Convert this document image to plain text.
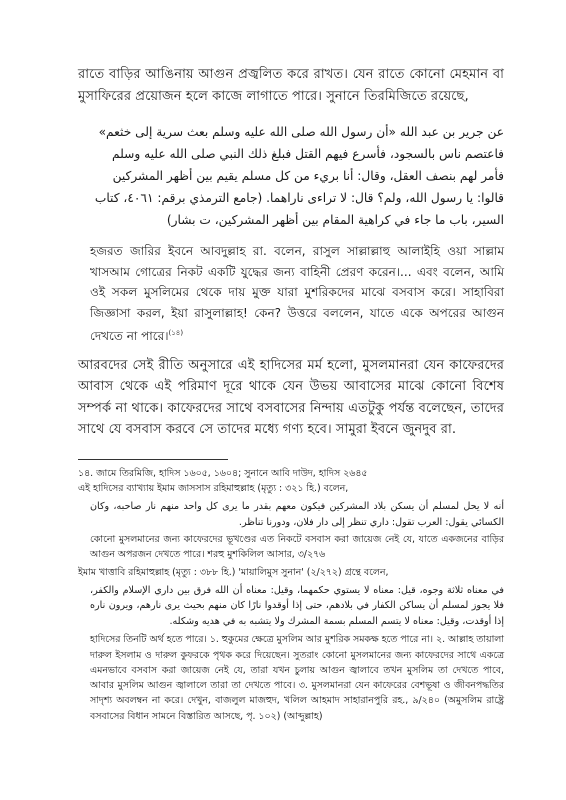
রাতে বাড়ির আঙিনায় আগুন প্রজ্বলিত করে রাখত। যেন রাতে কোনো মেহমান বা মুসাফিরের প্রয়োজন হলে কাজে লাগাতে পারে। সুনানে তিরমিজিতে রয়েছে,

عن جرير بن عبد الله «أن رسول الله صلى الله عليه وسلم بعث سرية إلى خثعم» فاعتصم ناس بالسجود، فأسرع فيهم القتل فبلغ ذلك النبي صلى الله عليه وسلم فأمر لهم بنصف العقل، وقال: أنا بريء من كل مسلم يقيم بين أظهر المشركين قالوا: يا رسول الله، ولم؟ قال: لا تراءى ناراهما. (جامع الترمذي برقم: ٤٠٦١، كتاب السير، باب ما جاء في كراهية المقام بين أظهر المشركين، ت بشار)

হজরত জারির ইবনে আবদুল্লাহ রা. বলেন, রাসুল সাল্লাল্লাহু আলাইহি ওয়া সাল্লাম খাসআম গোত্রের নিকট একটি যুদ্ধের জন্য বাহিনী প্রেরণ করেন।... এবং বলেন, আমি ওই সকল মুসলিমের থেকে দায় মুক্ত যারা মুশরিকদের মাঝে বসবাস করে। সাহাবিরা জিজ্ঞাসা করল, ইয়া রাসুলাল্লাহ! কেন? উত্তরে বললেন, যাতে একে অপরের আগুন দেখতে না পারে।$^{(১৪)}$

আরবদের সেই রীতি অনুসারে এই হাদিসের মর্ম হলো, মুসলমানরা যেন কাফেরদের আবাস থেকে এই পরিমাণ দূরে থাকে যেন উভয় আবাসের মাঝে কোনো বিশেষ সম্পর্ক না থাকে। কাফেরদের সাথে বসবাসের নিন্দায় এতটুকু পর্যন্ত বলেছেন, তাদের সাথে যে বসবাস করবে সে তাদের মধ্যে গণ্য হবে। সামুরা ইবনে জুনদুব রা.

১৪. জামে তিরমিজি, হাদিস ১৬০৫, ১৬০৪; সুনানে আবি দাউদ, হাদিস ২৬৪৫

এই হাদিসের ব্যাখ্যায় ইমাম জাসসাস রহিমাহুল্লাহ (মৃত্যু : ৩২১ হি.) বলেন,

أنه لا يحل لمسلم أن يسكن بلاد المشركين فيكون معهم بقدر ما يرى كل واحد منهم نار صاحبه، وكان الكسائي يقول: العرب تقول: داري تنظر إلى دار فلان، ودورنا تناظر.

কোনো মুসলমানের জন্য কাফেরদের ভূখণ্ডের এত নিকটে বসবাস করা জায়েজ নেই যে, যাতে একজনের বাড়ির আগুন অপরজন দেখতে পারে। শরহু মুশকিলিল আসার, ৩/২৭৬

ইমাম খাত্তাবি রহিমাহুল্লাহ (মৃত্যু : ৩৮৮ হি.) 'মায়ালিমুস সুনান' (২/২৭২) গ্রন্থে বলেন,

في معناه ثلاثة وجوه، قيل: معناه لا يستوي حكمهما، وقيل: معناه أن الله فرق بين داري الإسلام والكفر، فلا يجوز لمسلم أن يساكن الكفار في بلادهم، حتى إذا أوقدوا نارًا كان منهم بحيث يرى نارهم، ويرون ناره إذا أوقدت، وقيل: معناه لا يتسم المسلم بسمة المشرك ولا يتشبه به في هديه وشكله.

হাদিসের তিনটি অর্থ হতে পারে। ১. হুকুমের ক্ষেত্রে মুসলিম আর মুশরিক সমকক্ষ হতে পারে না। ২. আল্লাহ তায়ালা দারুল ইসলাম ও দারুল কুফরকে পৃথক করে দিয়েছেন। সুতরাং কোনো মুসলমানের জন্য কাফেরদের সাথে একত্রে এমনভাবে বসবাস করা জায়েজ নেই যে, তারা যখন চুলায় আগুন জ্বালাবে তখন মুসলিম তা দেখতে পাবে, আবার মুসলিম আগুন জ্বালালে তারা তা দেখতে পাবে। ৩. মুসলমানরা যেন কাফেরের বেশভূষা ও জীবনপদ্ধতির সাদৃশ্য অবলম্বন না করে। দেখুন, বাজলুল মাজহুদ, খলিল আহমাদ সাহারানপুরি রহ., ৯/২৪০ (অমুসলিম রাষ্ট্রে বসবাসের বিধান সামনে বিস্তারিত আসছে, পৃ. ১০২) (আব্দুল্লাহ)
